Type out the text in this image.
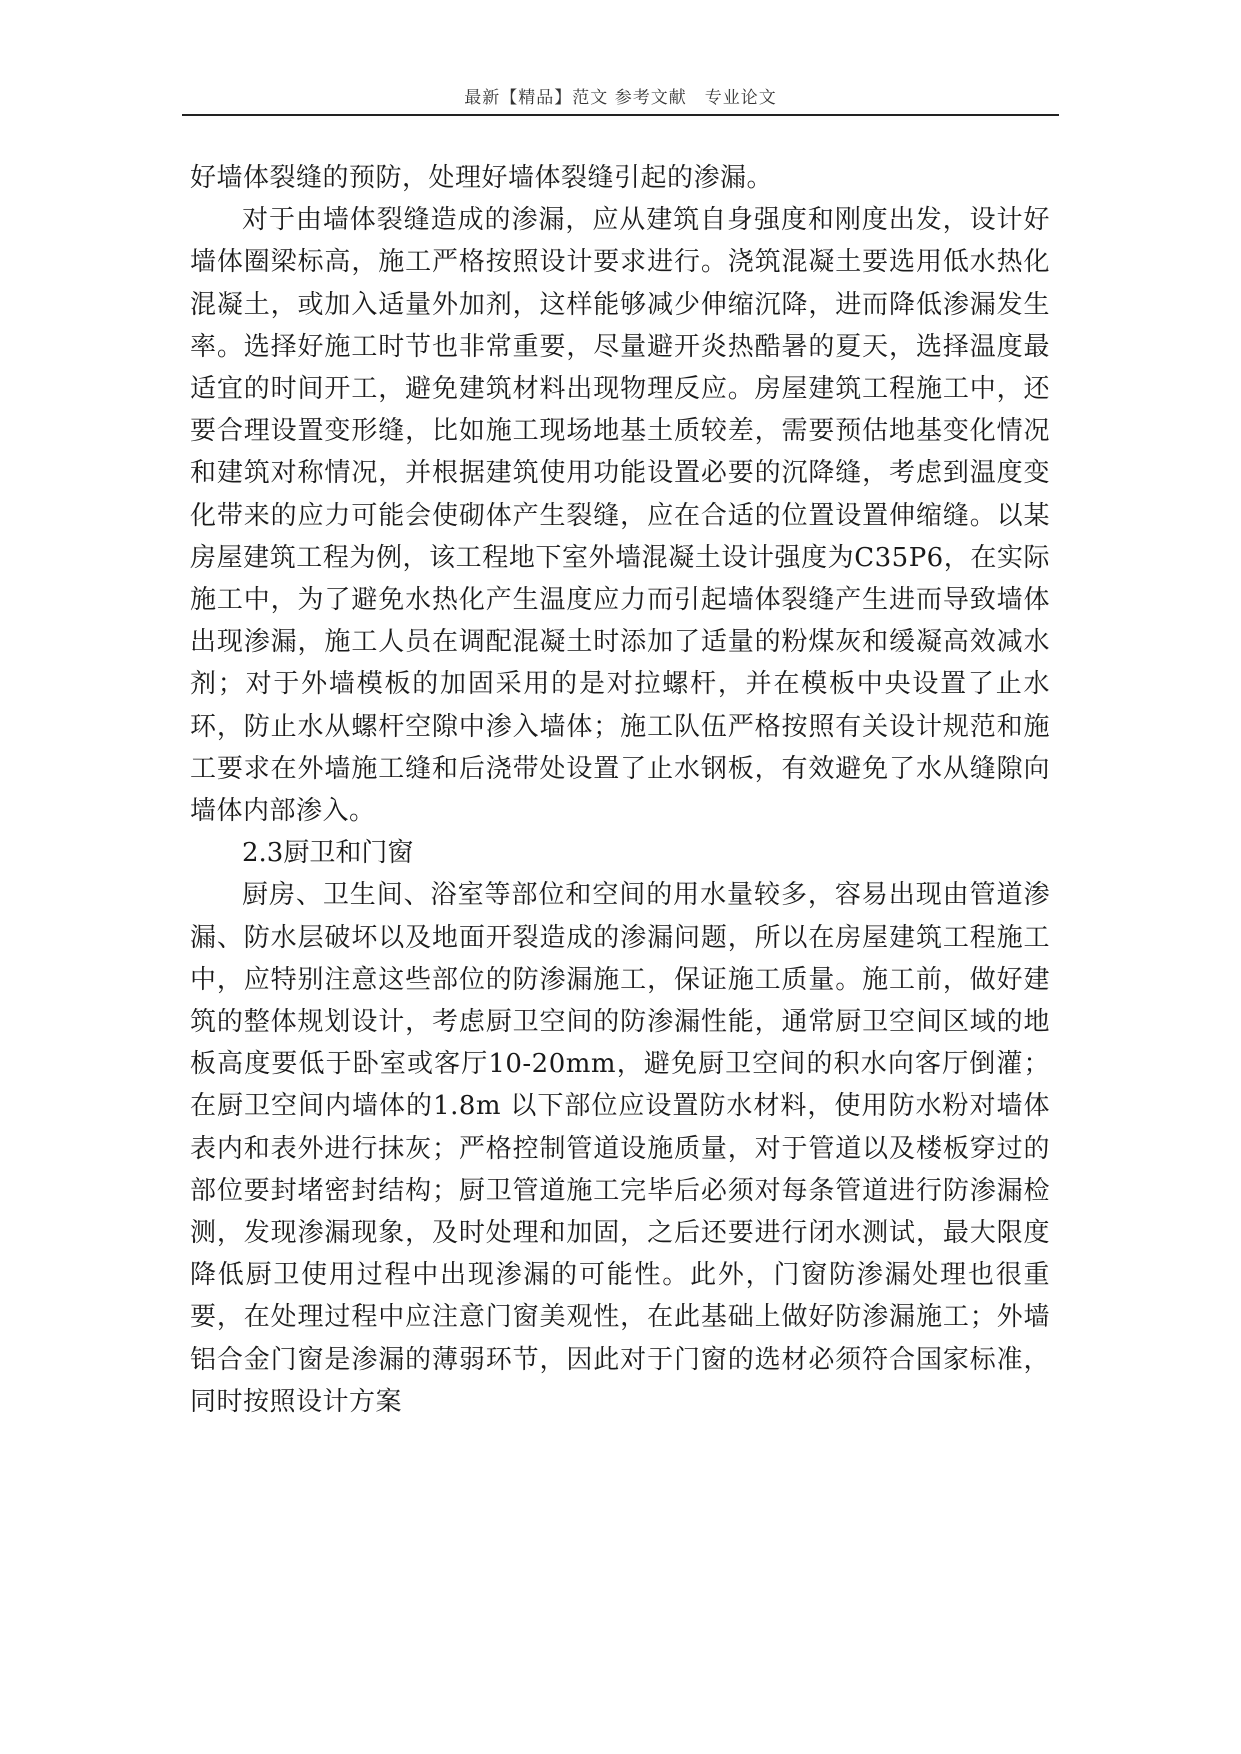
最新【精品】范文 参考文献　专业论文

好墙体裂缝的预防，处理好墙体裂缝引起的渗漏。

对于由墙体裂缝造成的渗漏，应从建筑自身强度和刚度出发，设计好墙体圈梁标高，施工严格按照设计要求进行。浇筑混凝土要选用低水热化混凝土，或加入适量外加剂，这样能够减少伸缩沉降，进而降低渗漏发生率。选择好施工时节也非常重要，尽量避开炎热酷暑的夏天，选择温度最适宜的时间开工，避免建筑材料出现物理反应。房屋建筑工程施工中，还要合理设置变形缝，比如施工现场地基土质较差，需要预估地基变化情况和建筑对称情况，并根据建筑使用功能设置必要的沉降缝，考虑到温度变化带来的应力可能会使砌体产生裂缝，应在合适的位置设置伸缩缝。以某房屋建筑工程为例，该工程地下室外墙混凝土设计强度为C35P6，在实际施工中，为了避免水热化产生温度应力而引起墙体裂缝产生进而导致墙体出现渗漏，施工人员在调配混凝土时添加了适量的粉煤灰和缓凝高效减水剂；对于外墙模板的加固采用的是对拉螺杆，并在模板中央设置了止水环，防止水从螺杆空隙中渗入墙体；施工队伍严格按照有关设计规范和施工要求在外墙施工缝和后浇带处设置了止水钢板，有效避免了水从缝隙向墙体内部渗入。

2.3厨卫和门窗

厨房、卫生间、浴室等部位和空间的用水量较多，容易出现由管道渗漏、防水层破坏以及地面开裂造成的渗漏问题，所以在房屋建筑工程施工中，应特别注意这些部位的防渗漏施工，保证施工质量。施工前，做好建筑的整体规划设计，考虑厨卫空间的防渗漏性能，通常厨卫空间区域的地板高度要低于卧室或客厅10-20mm，避免厨卫空间的积水向客厅倒灌；在厨卫空间内墙体的1.8m 以下部位应设置防水材料，使用防水粉对墙体表内和表外进行抹灰；严格控制管道设施质量，对于管道以及楼板穿过的部位要封堵密封结构；厨卫管道施工完毕后必须对每条管道进行防渗漏检测，发现渗漏现象，及时处理和加固，之后还要进行闭水测试，最大限度降低厨卫使用过程中出现渗漏的可能性。此外，门窗防渗漏处理也很重要，在处理过程中应注意门窗美观性，在此基础上做好防渗漏施工；外墙铝合金门窗是渗漏的薄弱环节，因此对于门窗的选材必须符合国家标准，同时按照设计方案
